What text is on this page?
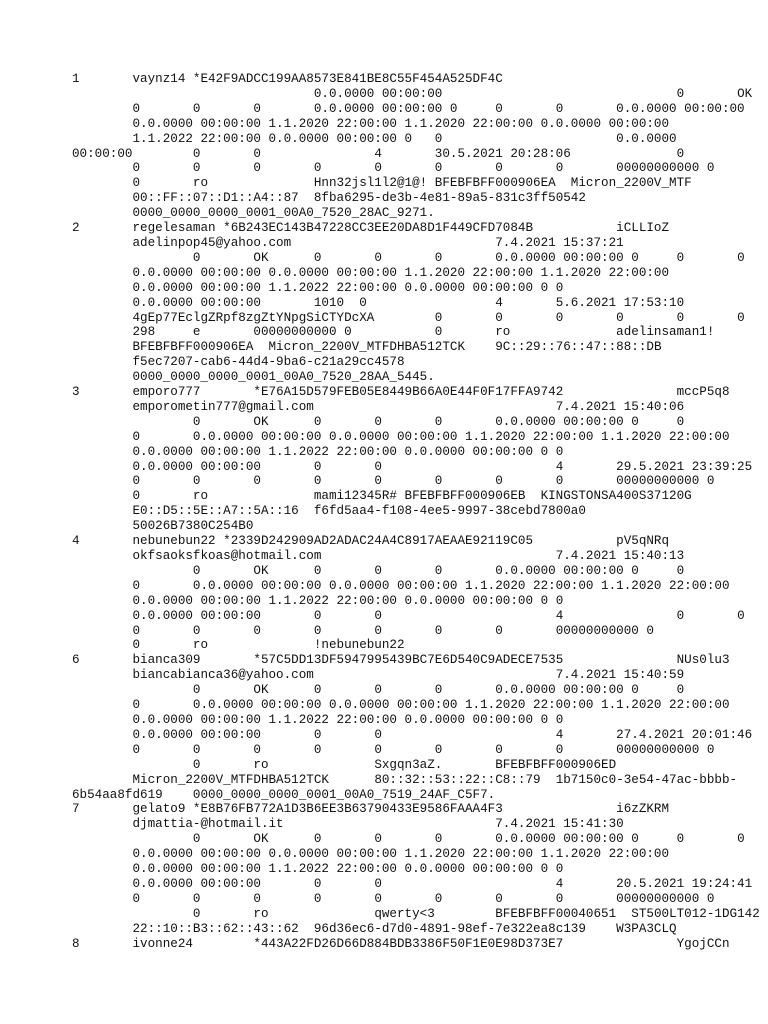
1	vaynz14	*E42F9ADCC199AA8573E841BE8C55F454A525DF4C
				0.0.0000 00:00:00				0	OK
	0	0	0	0.0.0000 00:00:00 0	0	0	0.0.0000 00:00:00
	0.0.0000 00:00:00 1.1.2020 22:00:00 1.1.2020 22:00:00 0.0.0000 00:00:00
	1.1.2022 22:00:00 0.0.0000 00:00:00 0	0			0.0.0000
00:00:00	0	0		4	30.5.2021 20:28:06		0
	0	0	0	0	0	0	0	0	00000000000 0
	0	ro		Hnn32jsl1l2@1@!	BFEBFBFF000906EA  Micron_2200V_MTF
	00::FF::07::D1::A4::87  8fba6295-de3b-4e81-89a5-831c3ff50542
	0000_0000_0000_0001_00A0_7520_28AC_9271.
2	regelesaman *6B243EC143B47228CC3EE20DA8D1F449CFD7084B		iCLLIoZ
	adelinpop45@yahoo.com				7.4.2021 15:37:21
		0	OK	0	0	0	0.0.0000 00:00:00 0	0	0
	0.0.0000 00:00:00 0.0.0000 00:00:00 1.1.2020 22:00:00 1.1.2020 22:00:00
	0.0.0000 00:00:00 1.1.2022 22:00:00 0.0.0000 00:00:00 0	0
	0.0.0000 00:00:00	1010  0			4	5.6.2021 17:53:10
	4gEp77EclgZRpf8zgZtYNpgSiCTYDcXA	0	0	0	0	0	0
	298	e	00000000000 0		0	ro		adelinsaman1!
	BFEBFBFF000906EA  Micron_2200V_MTFDHBA512TCK	9C::29::76::47::88::DB
	f5ec7207-cab6-44d4-9ba6-c21a29cc4578
	0000_0000_0000_0001_00A0_7520_28AA_5445.
3	emporo777	*E76A15D579FEB05E8449B66A0E44F0F17FFA9742		mccP5q8
	emporometin777@gmail.com				7.4.2021 15:40:06
		0	OK	0	0	0	0.0.0000 00:00:00 0	0
	0	0.0.0000 00:00:00 0.0.0000 00:00:00 1.1.2020 22:00:00 1.1.2020 22:00:00
	0.0.0000 00:00:00 1.1.2022 22:00:00 0.0.0000 00:00:00 0	0
	0.0.0000 00:00:00	0	0			4	29.5.2021 23:39:25
	0	0	0	0	0	0	0	0	00000000000 0
	0	ro		mami12345R# BFEBFBFF000906EB  KINGSTONSA400S37120G
	E0::D5::5E::A7::5A::16  f6fd5aa4-f108-4ee5-9997-38cebd7800a0
	50026B7380C254B0
4	nebunebun22 *2339D242909AD2ADAC24A4C8917AEAAE92119C05		pV5qNRq
	okfsaoksfkoas@hotmail.com				7.4.2021 15:40:13
		0	OK	0	0	0	0.0.0000 00:00:00 0	0
	0	0.0.0000 00:00:00 0.0.0000 00:00:00 1.1.2020 22:00:00 1.1.2020 22:00:00
	0.0.0000 00:00:00 1.1.2022 22:00:00 0.0.0000 00:00:00 0	0
	0.0.0000 00:00:00	0	0			4		0	0
	0	0	0	0	0	0	0	00000000000 0
	0	ro		!nebunebun22
6	bianca309	*57C5DD13DF5947995439BC7E6D540C9ADECE7535		NUs0lu3
	biancabianca36@yahoo.com				7.4.2021 15:40:59
		0	OK	0	0	0	0.0.0000 00:00:00 0	0
	0	0.0.0000 00:00:00 0.0.0000 00:00:00 1.1.2020 22:00:00 1.1.2020 22:00:00
	0.0.0000 00:00:00 1.1.2022 22:00:00 0.0.0000 00:00:00 0	0
	0.0.0000 00:00:00	0	0			4	27.4.2021 20:01:46
	0	0	0	0	0	0	0	0	00000000000 0
		0	ro		Sxgqn3aZ.	BFEBFBFF000906ED
	Micron_2200V_MTFDHBA512TCK	80::32::53::22::C8::79  1b7150c0-3e54-47ac-bbbb-
6b54aa8fd619	0000_0000_0000_0001_00A0_7519_24AF_C5F7.
7	gelato9	*E8B76FB772A1D3B6EE3B63790433E9586FAAA4F3		i6zZKRM
	djmattia-@hotmail.it				7.4.2021 15:41:30
		0	OK	0	0	0	0.0.0000 00:00:00 0	0	0
	0.0.0000 00:00:00 0.0.0000 00:00:00 1.1.2020 22:00:00 1.1.2020 22:00:00
	0.0.0000 00:00:00 1.1.2022 22:00:00 0.0.0000 00:00:00 0	0
	0.0.0000 00:00:00	0	0			4	20.5.2021 19:24:41
	0	0	0	0	0	0	0	0	00000000000 0
		0	ro		qwerty<3	BFEBFBFF00040651  ST500LT012-1DG142
	22::10::B3::62::43::62  96d36ec6-d7d0-4891-98ef-7e322ea8c139	W3PA3CLQ
8	ivonne24	*443A22FD26D66D884BDB3386F50F1E0E98D373E7		YgojCCn
